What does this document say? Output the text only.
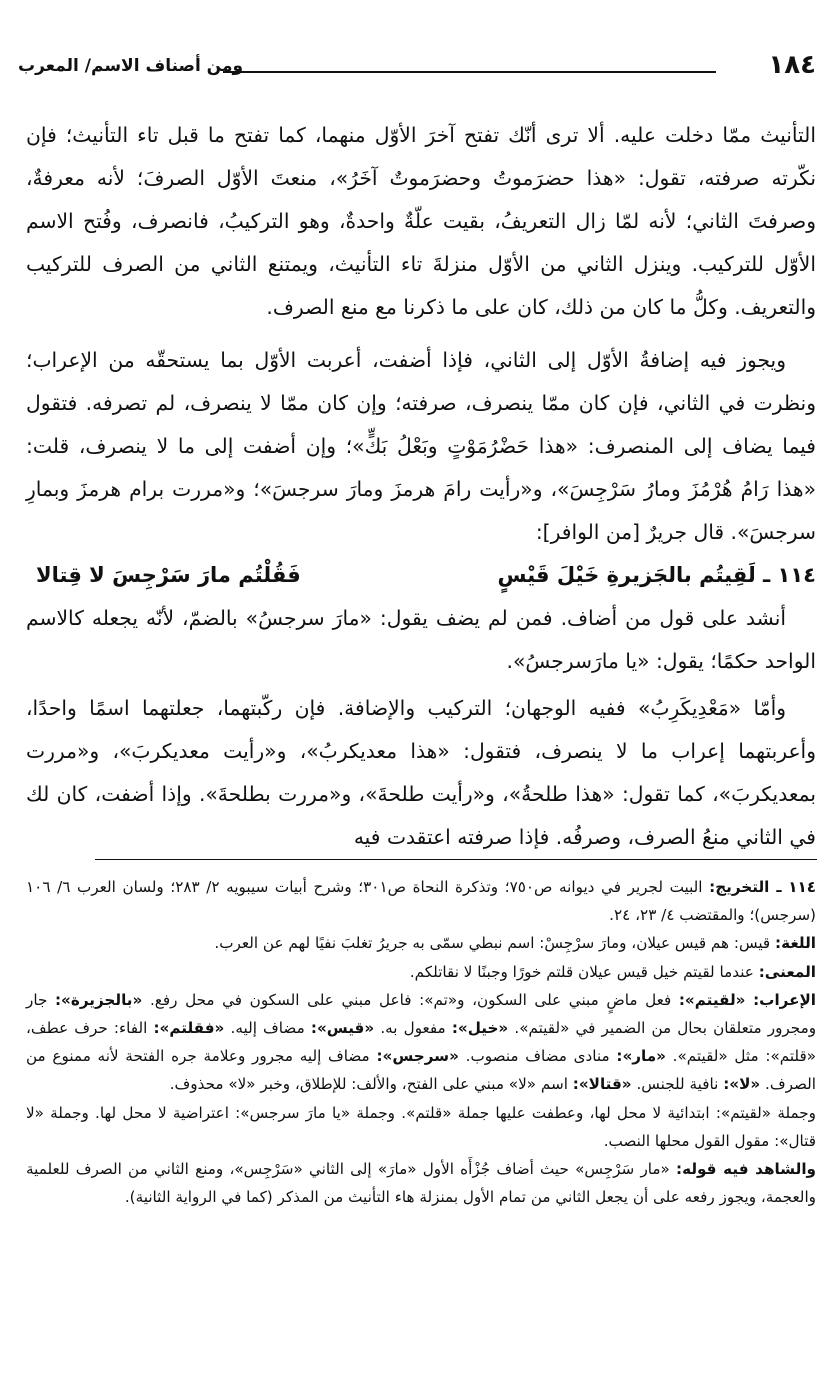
١٨٤
ومن أصناف الاسم/ المعرب

التأنيث ممّا دخلت عليه. ألا ترى أنّك تفتح آخرَ الأوّل منهما، كما تفتح ما قبل تاء التأنيث؛ فإن نكّرته صرفته، تقول: «هذا حضرَموتُ وحضرَموتٌ آخَرُ»، منعتَ الأوّل الصرفَ؛ لأنه معرفةٌ، وصرفتَ الثاني؛ لأنه لمّا زال التعريفُ، بقيت علّةٌ واحدةٌ، وهو التركيبُ، فانصرف، وفُتح الاسم الأوّل للتركيب. وينزل الثاني من الأوّل منزلةَ تاء التأنيث، ويمتنع الثاني من الصرف للتركيب والتعريف. وكلُّ ما كان من ذلك، كان على ما ذكرنا مع منع الصرف.

ويجوز فيه إضافةُ الأوّل إلى الثاني، فإذا أضفت، أعربت الأوّل بما يستحقّه من الإعراب؛ ونظرت في الثاني، فإن كان ممّا ينصرف، صرفته؛ وإن كان ممّا لا ينصرف، لم تصرفه. فتقول فيما يضاف إلى المنصرف: «هذا حَضْرُمَوْتٍ وبَعْلُ بَكٍّ»؛ وإن أضفت إلى ما لا ينصرف، قلت: «هذا رَامُ هُرْمُزَ ومارُ سَرْجِسَ»، و«رأيت رامَ هرمزَ ومارَ سرجسَ»؛ و«مررت برام هرمزَ وبمارِ سرجسَ». قال جريرٌ [من الوافر]:

١١٤ ـ لَقِيتُم بالجَزيرةِ خَيْلَ قَيْسٍ
فَقُلْتُم مارَ سَرْجِسَ لا قِتالا

أنشد على قول من أضاف. فمن لم يضف يقول: «مارَ سرجسُ» بالضمّ، لأنّه يجعله كالاسم الواحد حكمًا؛ يقول: «يا مارَسرجسُ».

وأمّا «مَعْدِيكَرِبُ» ففيه الوجهان؛ التركيب والإضافة. فإن ركّبتهما، جعلتهما اسمًا واحدًا، وأعربتهما إعراب ما لا ينصرف، فتقول: «هذا معديكربُ»، و«رأيت معديكربَ»، و«مررت بمعديكربَ»، كما تقول: «هذا طلحةُ»، و«رأيت طلحةَ»، و«مررت بطلحةَ». وإذا أضفت، كان لك في الثاني منعُ الصرف، وصرفُه. فإذا صرفته اعتقدت فيه

١١٤ ـ التخريج: البيت لجرير في ديوانه ص٧٥٠؛ وتذكرة النحاة ص٣٠١؛ وشرح أبيات سيبويه ٢/ ٢٨٣؛ ولسان العرب ٦/ ١٠٦ (سرجس)؛ والمقتضب ٤/ ٢٣، ٢٤.

اللغة: قيس: هم قيس عيلان، ومارَ سرْجِسْ: اسم نبطي سمّى به جريرُ تغلبَ نفيًا لهم عن العرب.

المعنى: عندما لقيتم خيل قيس عيلان قلتم خورًا وجبنًا لا نقاتلكم.

الإعراب: «لقيتم»: فعل ماضٍ مبني على السكون، و«تم»: فاعل مبني على السكون في محل رفع. «بالجزيرة»: جار ومجرور متعلقان بحال من الضمير في «لقيتم». «خيل»: مفعول به. «قيس»: مضاف إليه. «فقلتم»: الفاء: حرف عطف، «قلتم»: مثل «لقيتم». «مار»: منادى مضاف منصوب. «سرجس»: مضاف إليه مجرور وعلامة جره الفتحة لأنه ممنوع من الصرف. «لا»: نافية للجنس. «قتالا»: اسم «لا» مبني على الفتح، والألف: للإطلاق، وخبر «لا» محذوف.

وجملة «لقيتم»: ابتدائية لا محل لها، وعطفت عليها جملة «قلتم». وجملة «يا مارَ سرجس»: اعتراضية لا محل لها. وجملة «لا قتال»: مقول القول محلها النصب.

والشاهد فيه قوله: «مار سَرْجِس» حيث أضاف جُزْأَه الأول «مارَ» إلى الثاني «سَرْجِس»، ومنع الثاني من الصرف للعلمية والعجمة، ويجوز رفعه على أن يجعل الثاني من تمام الأول بمنزلة هاء التأنيث من المذكر (كما في الرواية الثانية).
